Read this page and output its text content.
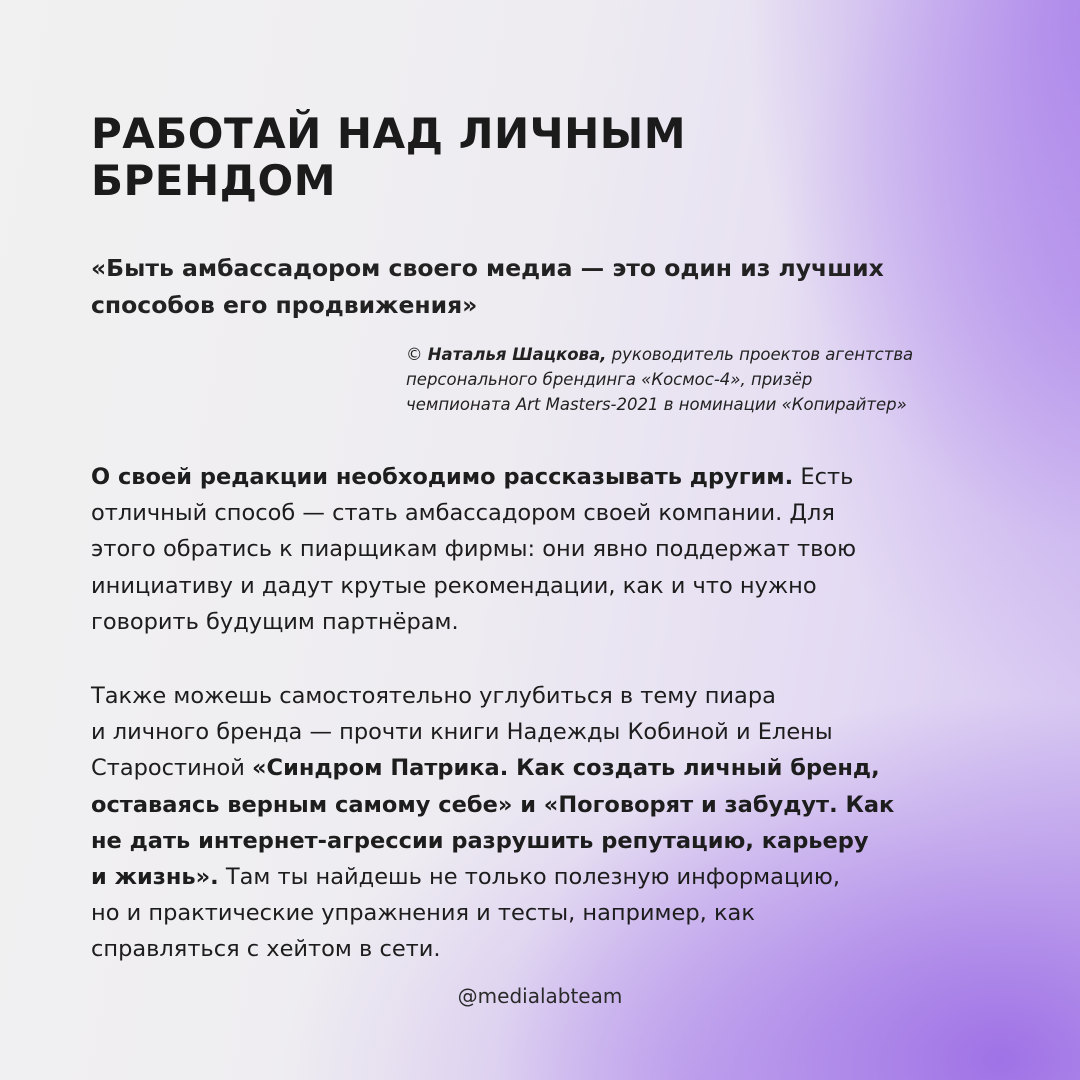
РАБОТАЙ НАД ЛИЧНЫМ
БРЕНДОМ

«Быть амбассадором своего медиа — это один из лучших
способов его продвижения»

© Наталья Шацкова, руководитель проектов агентства
персонального брендинга «Космос-4», призёр
чемпионата Art Masters-2021 в номинации «Копирайтер»

О своей редакции необходимо рассказывать другим. Есть
отличный способ — стать амбассадором своей компании. Для
этого обратись к пиарщикам фирмы: они явно поддержат твою
инициативу и дадут крутые рекомендации, как и что нужно
говорить будущим партнёрам.

Также можешь самостоятельно углубиться в тему пиара
и личного бренда — прочти книги Надежды Кобиной и Елены
Старостиной «Синдром Патрика. Как создать личный бренд,
оставаясь верным самому себе» и «Поговорят и забудут. Как
не дать интернет-агрессии разрушить репутацию, карьеру
и жизнь». Там ты найдешь не только полезную информацию,
но и практические упражнения и тесты, например, как
справляться с хейтом в сети.

@medialabteam
